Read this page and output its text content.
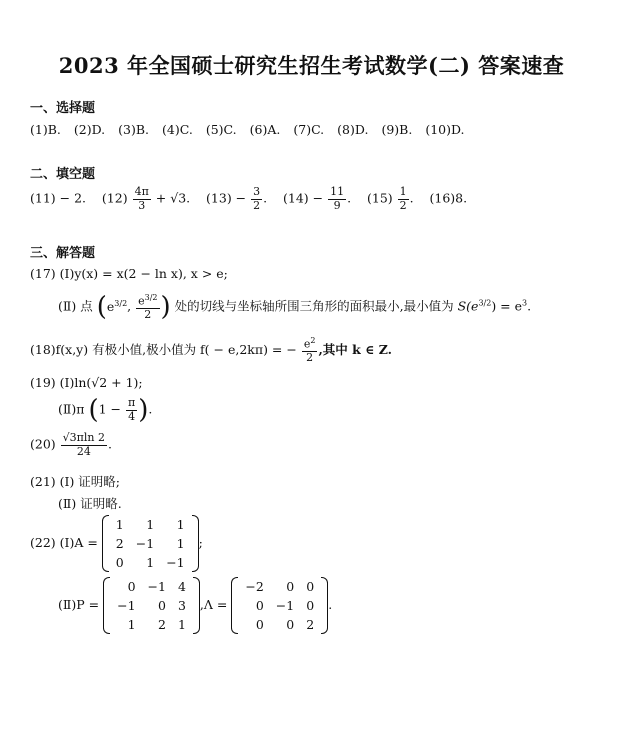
2023 年全国硕士研究生招生考试数学(二) 答案速查
一、选择题
(1)B. (2)D. (3)B. (4)C. (5)C. (6)A. (7)C. (8)D. (9)B. (10)D.
二、填空题
(11) − 2. $(12) \frac{4\pi}{3} + √3$. $(13) - \frac{3}{2}$ .    $(14) - \frac{11}{9}$ .    $(15) \frac{1}{2}$ .    (16)8.
三、解答题
(17) (Ⅰ)y(x) = x(2 − ln x), x > e;
(Ⅱ) 点 ($e^{3/2}$, $\frac{e^{3/2}}{2}$ ) 处的切线与坐标轴所围三角形的面积最小,最小值为 $S(e^{3/2}) = e^3$.
(18)f(x,y) 有极小值,极小值为 f( − e,2kπ) = − $\frac{e^2}{2}$ ,其中 k ∈ Z.
(19) (Ⅰ)ln(√2 + 1);
(Ⅱ)π ($1 - \frac{\pi}{4}$ ).
$(20) \frac{√3\pi\ln 2}{24}$ .
(21) (Ⅰ) 证明略;
(Ⅱ) 证明略.
(22) (Ⅰ)A =
1	1	1
2	−1	1
0	1	−1
;
(Ⅱ)P =
0	−1	4
−1	0	3
1	2	1
,Λ =
−2	0	0
0	−1	0
0	0	2
.
